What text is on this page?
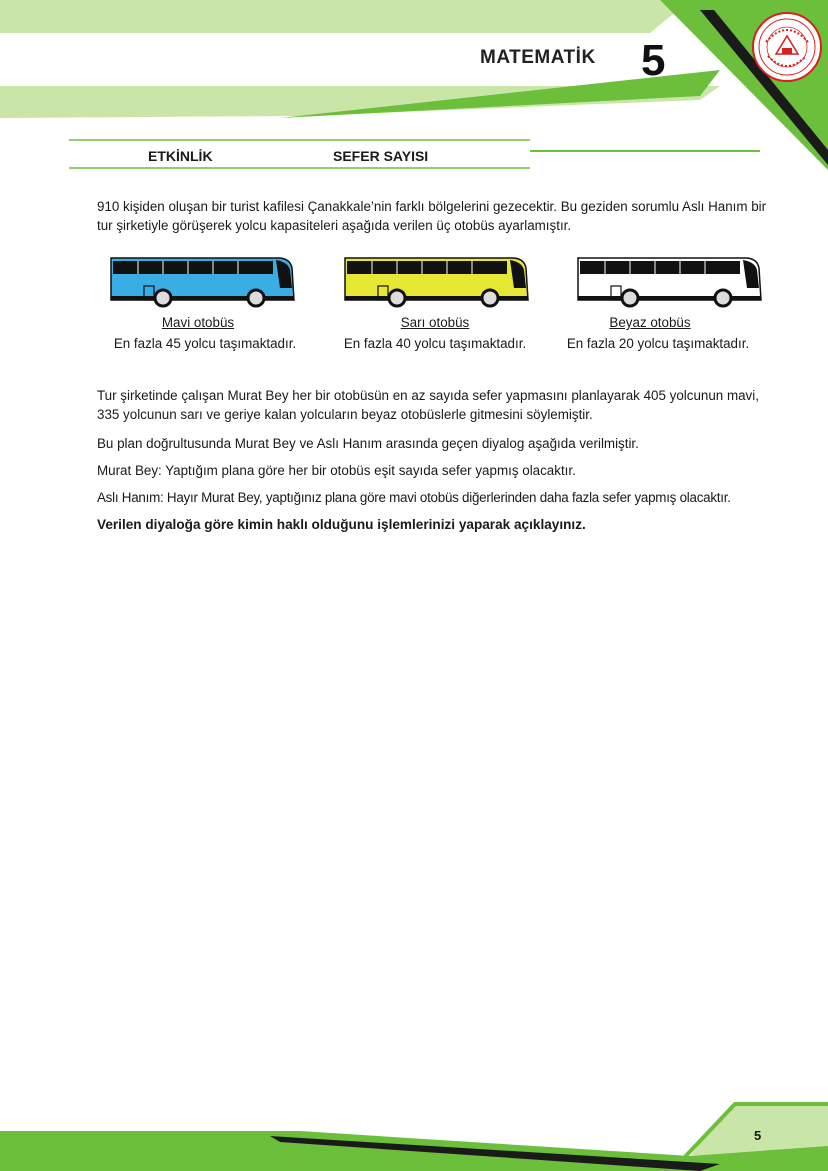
MATEMATİK 5
ETKİNLİK	SEFER SAYISI
910 kişiden oluşan bir turist kafilesi Çanakkale’nin farklı bölgelerini gezecektir. Bu geziden sorumlu Aslı Hanım bir tur şirketiyle görüşerek yolcu kapasiteleri aşağıda verilen üç otobüs ayarlamıştır.
Mavi otobüs
En fazla 45 yolcu taşımaktadır.
Sarı otobüs
En fazla 40 yolcu taşımaktadır.
Beyaz otobüs
En fazla 20 yolcu taşımaktadır.
Tur şirketinde çalışan Murat Bey her bir otobüsün en az sayıda sefer yapmasını planlayarak 405 yolcunun mavi, 335 yolcunun sarı ve geriye kalan yolcuların beyaz otobüslerle gitmesini söylemiştir.
Bu plan doğrultusunda Murat Bey ve Aslı Hanım arasında geçen diyalog aşağıda verilmiştir.
Murat Bey: Yaptığım plana göre her bir otobüs eşit sayıda sefer yapmış olacaktır.
Aslı Hanım: Hayır Murat Bey, yaptığınız plana göre mavi otobüs diğerlerinden daha fazla sefer yapmış olacaktır.
Verilen diyaloğa göre kimin haklı olduğunu işlemlerinizi yaparak açıklayınız.
5
